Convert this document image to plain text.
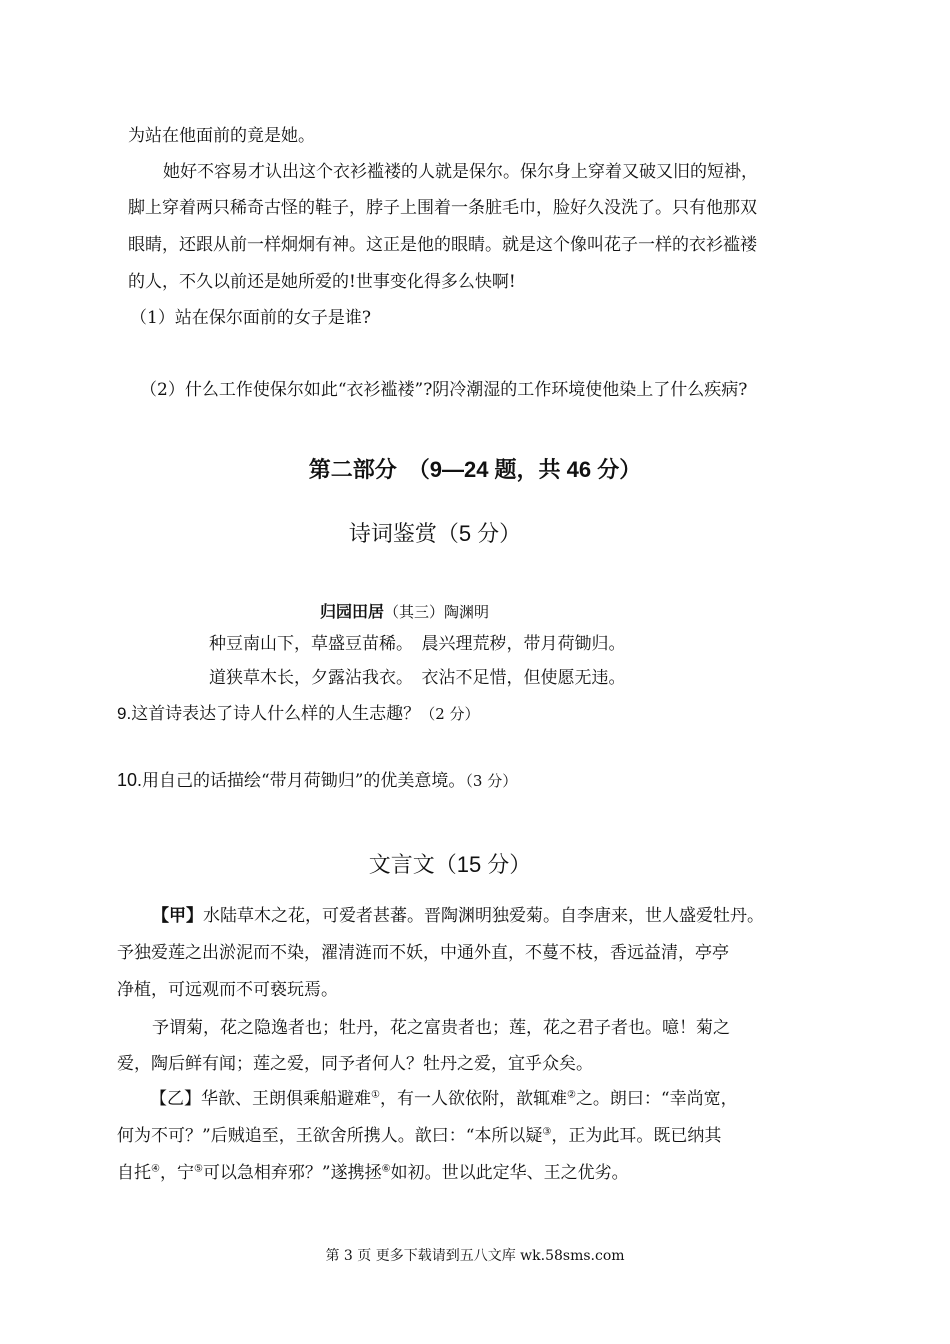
为站在他面前的竟是她。
她好不容易才认出这个衣衫褴褛的人就是保尔。保尔身上穿着又破又旧的短褂，
脚上穿着两只稀奇古怪的鞋子，脖子上围着一条脏毛巾，脸好久没洗了。只有他那双
眼睛，还跟从前一样炯炯有神。这正是他的眼睛。就是这个像叫花子一样的衣衫褴褛
的人，不久以前还是她所爱的!世事变化得多么快啊!
（1）站在保尔面前的女子是谁?
（2）什么工作使保尔如此“衣衫褴褛”?阴冷潮湿的工作环境使他染上了什么疾病?
第二部分　（9—24 题，共 46 分）
诗词鉴赏（5 分）
归园田居（其三）陶渊明
种豆南山下，草盛豆苗稀。　晨兴理荒秽，带月荷锄归。
道狭草木长，夕露沾我衣。　衣沾不足惜，但使愿无违。
9.这首诗表达了诗人什么样的人生志趣？（2 分）
10.用自己的话描绘“带月荷锄归”的优美意境。（3 分）
文言文（15 分）
【甲】水陆草木之花，可爱者甚蕃。晋陶渊明独爱菊。自李唐来，世人盛爱牡丹。
予独爱莲之出淤泥而不染，濯清涟而不妖，中通外直，不蔓不枝，香远益清，亭亭
净植，可远观而不可亵玩焉。
予谓菊，花之隐逸者也；牡丹，花之富贵者也；莲，花之君子者也。噫！菊之
爱，陶后鲜有闻；莲之爱，同予者何人？牡丹之爱，宜乎众矣。
【乙】华歆、王朗俱乘船避难①，有一人欲依附，歆辄难②之。朗曰：“幸尚宽，
何为不可？”后贼追至，王欲舍所携人。歆曰：“本所以疑③，正为此耳。既已纳其
自托④，宁⑤可以急相弃邪？”遂携拯⑥如初。世以此定华、王之优劣。
第 3 页 更多下载请到五八文库 wk.58sms.com
